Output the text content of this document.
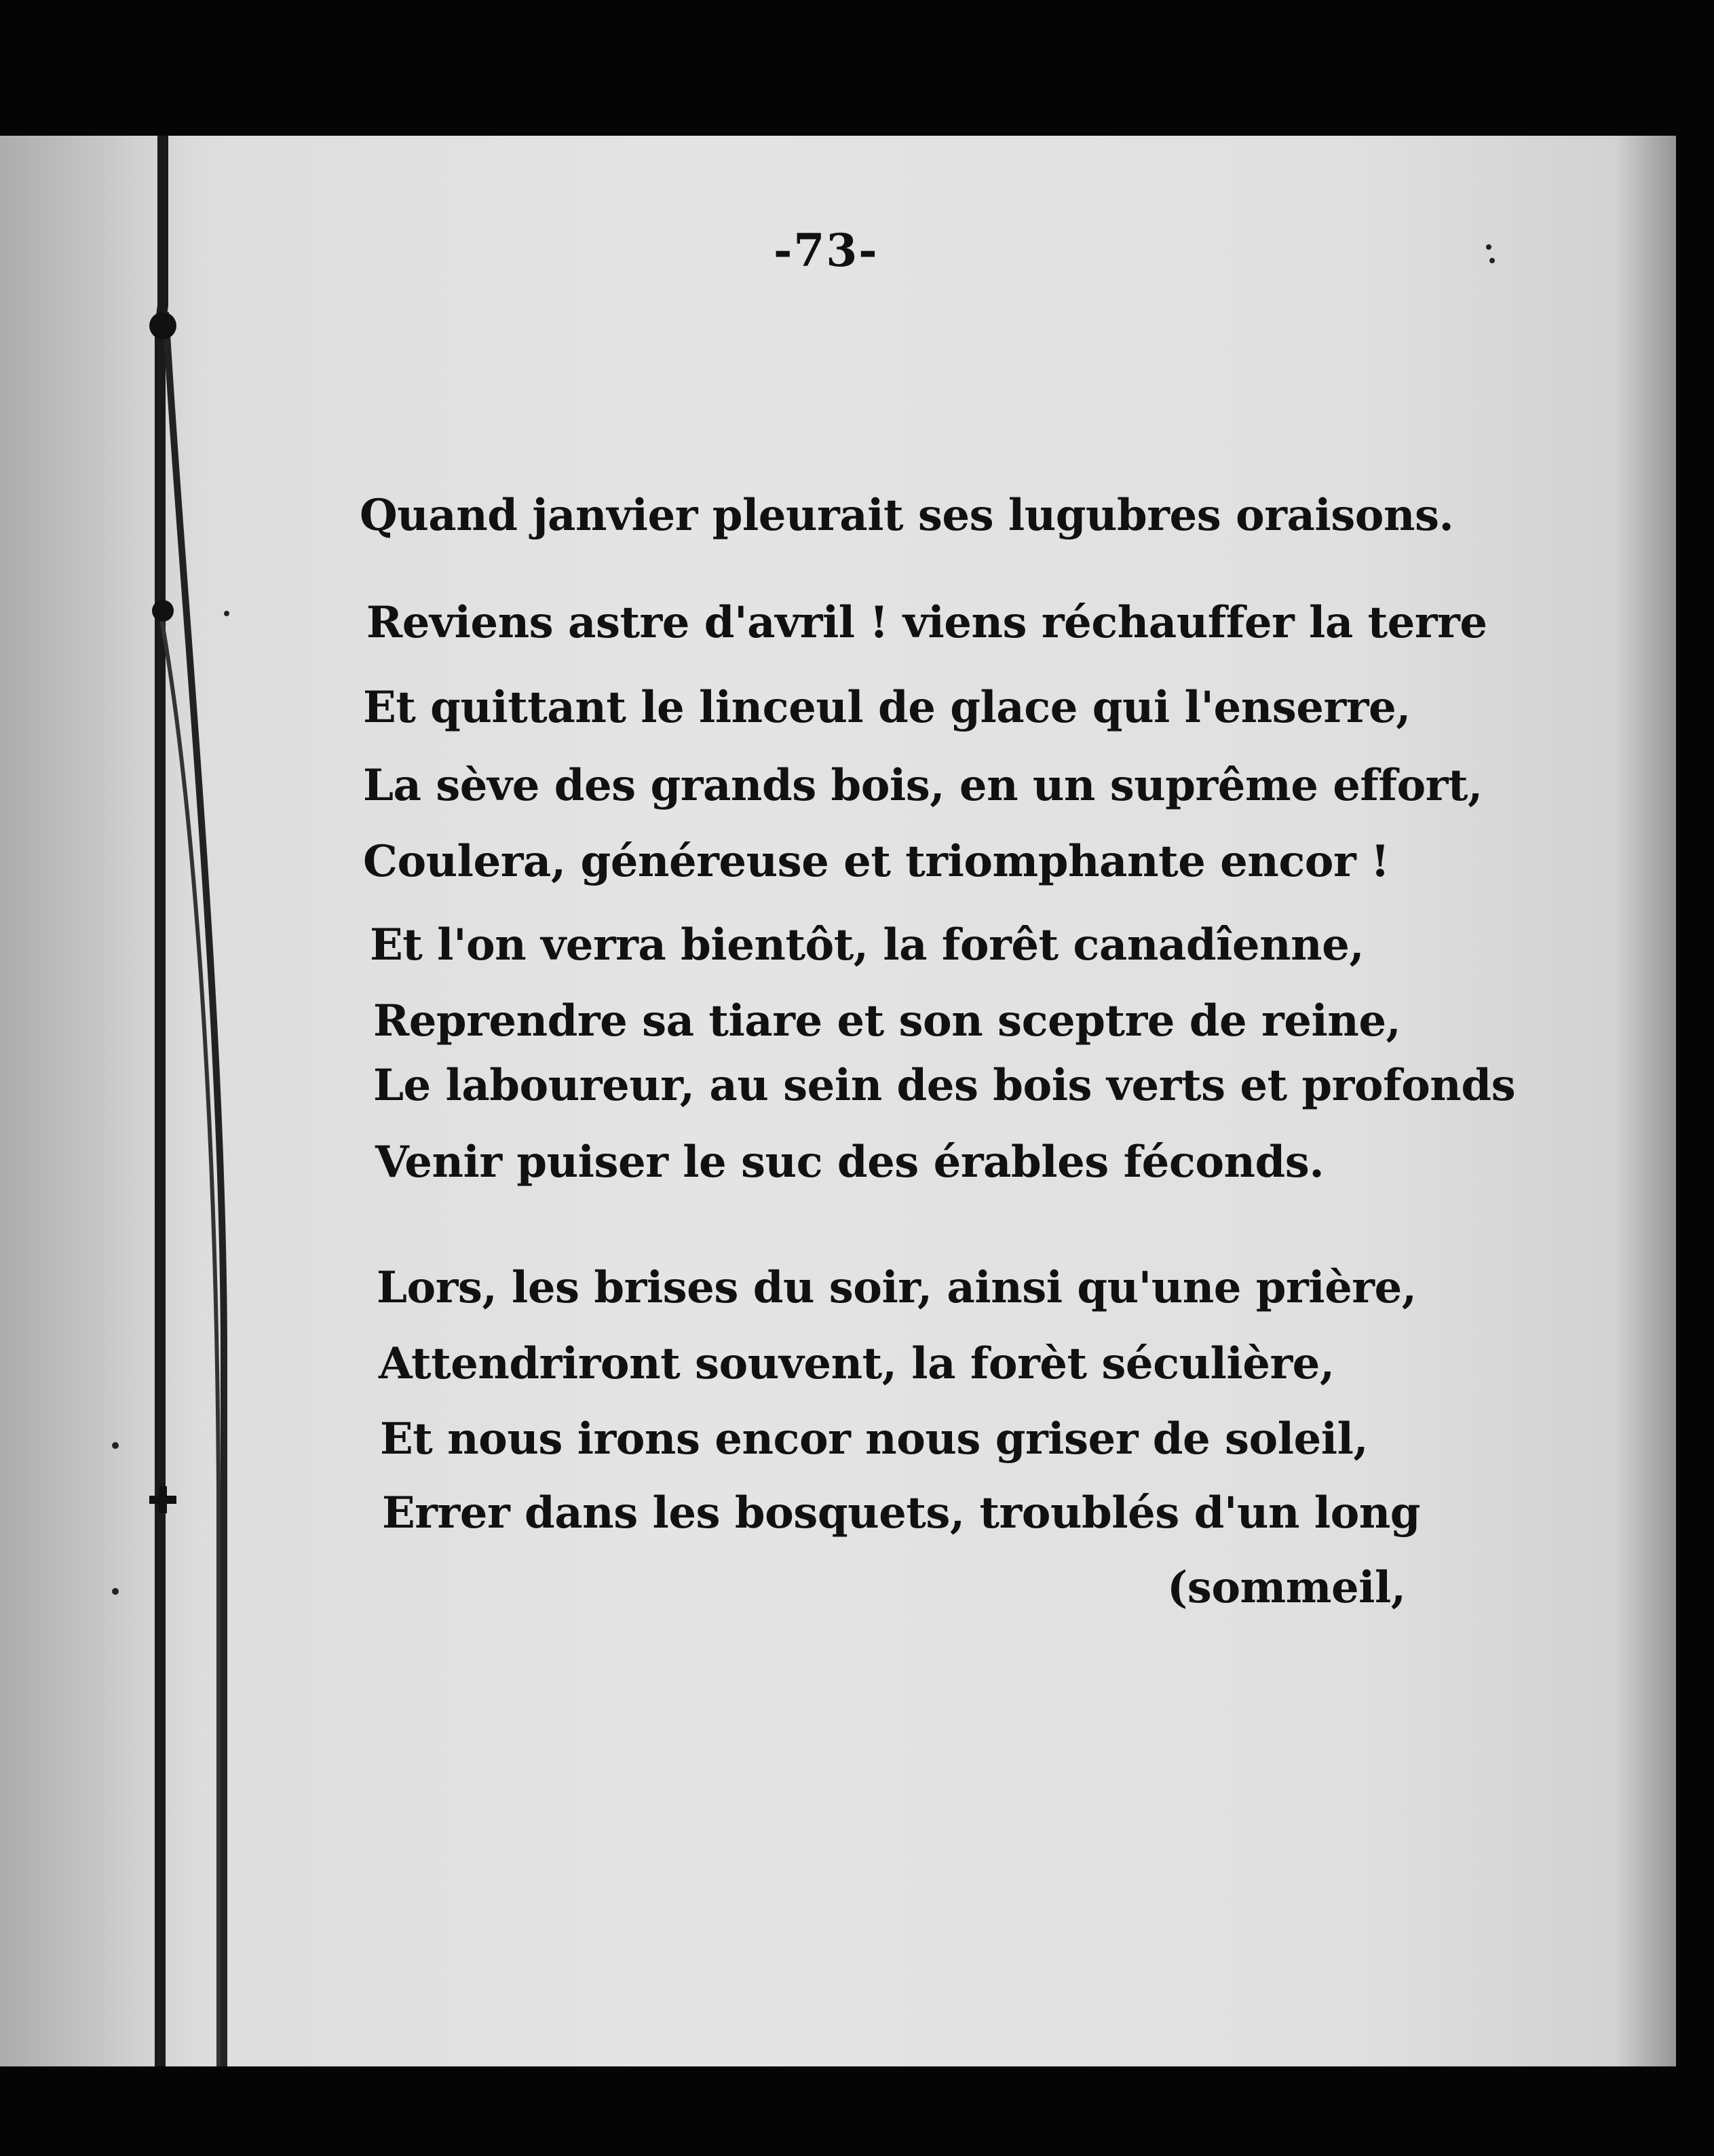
-73-
Quand janvier pleurait ses lugubres oraisons.
Reviens astre d'avril ! viens réchauffer la terre
Et quittant le linceul de glace qui l'enserre,
La sève des grands bois, en un suprême effort,
Coulera, généreuse et triomphante encor !
Et l'on verra bientôt, la forêt canadîenne,
Reprendre sa tiare et son sceptre de reine,
Le laboureur, au sein des bois verts et profonds
Venir puiser le suc des érables féconds.
Lors, les brises du soir, ainsi qu'une prière,
Attendriront souvent, la forèt séculière,
Et nous irons encor nous griser de soleil,
Errer dans les bosquets, troublés d'un long
(sommeil,
